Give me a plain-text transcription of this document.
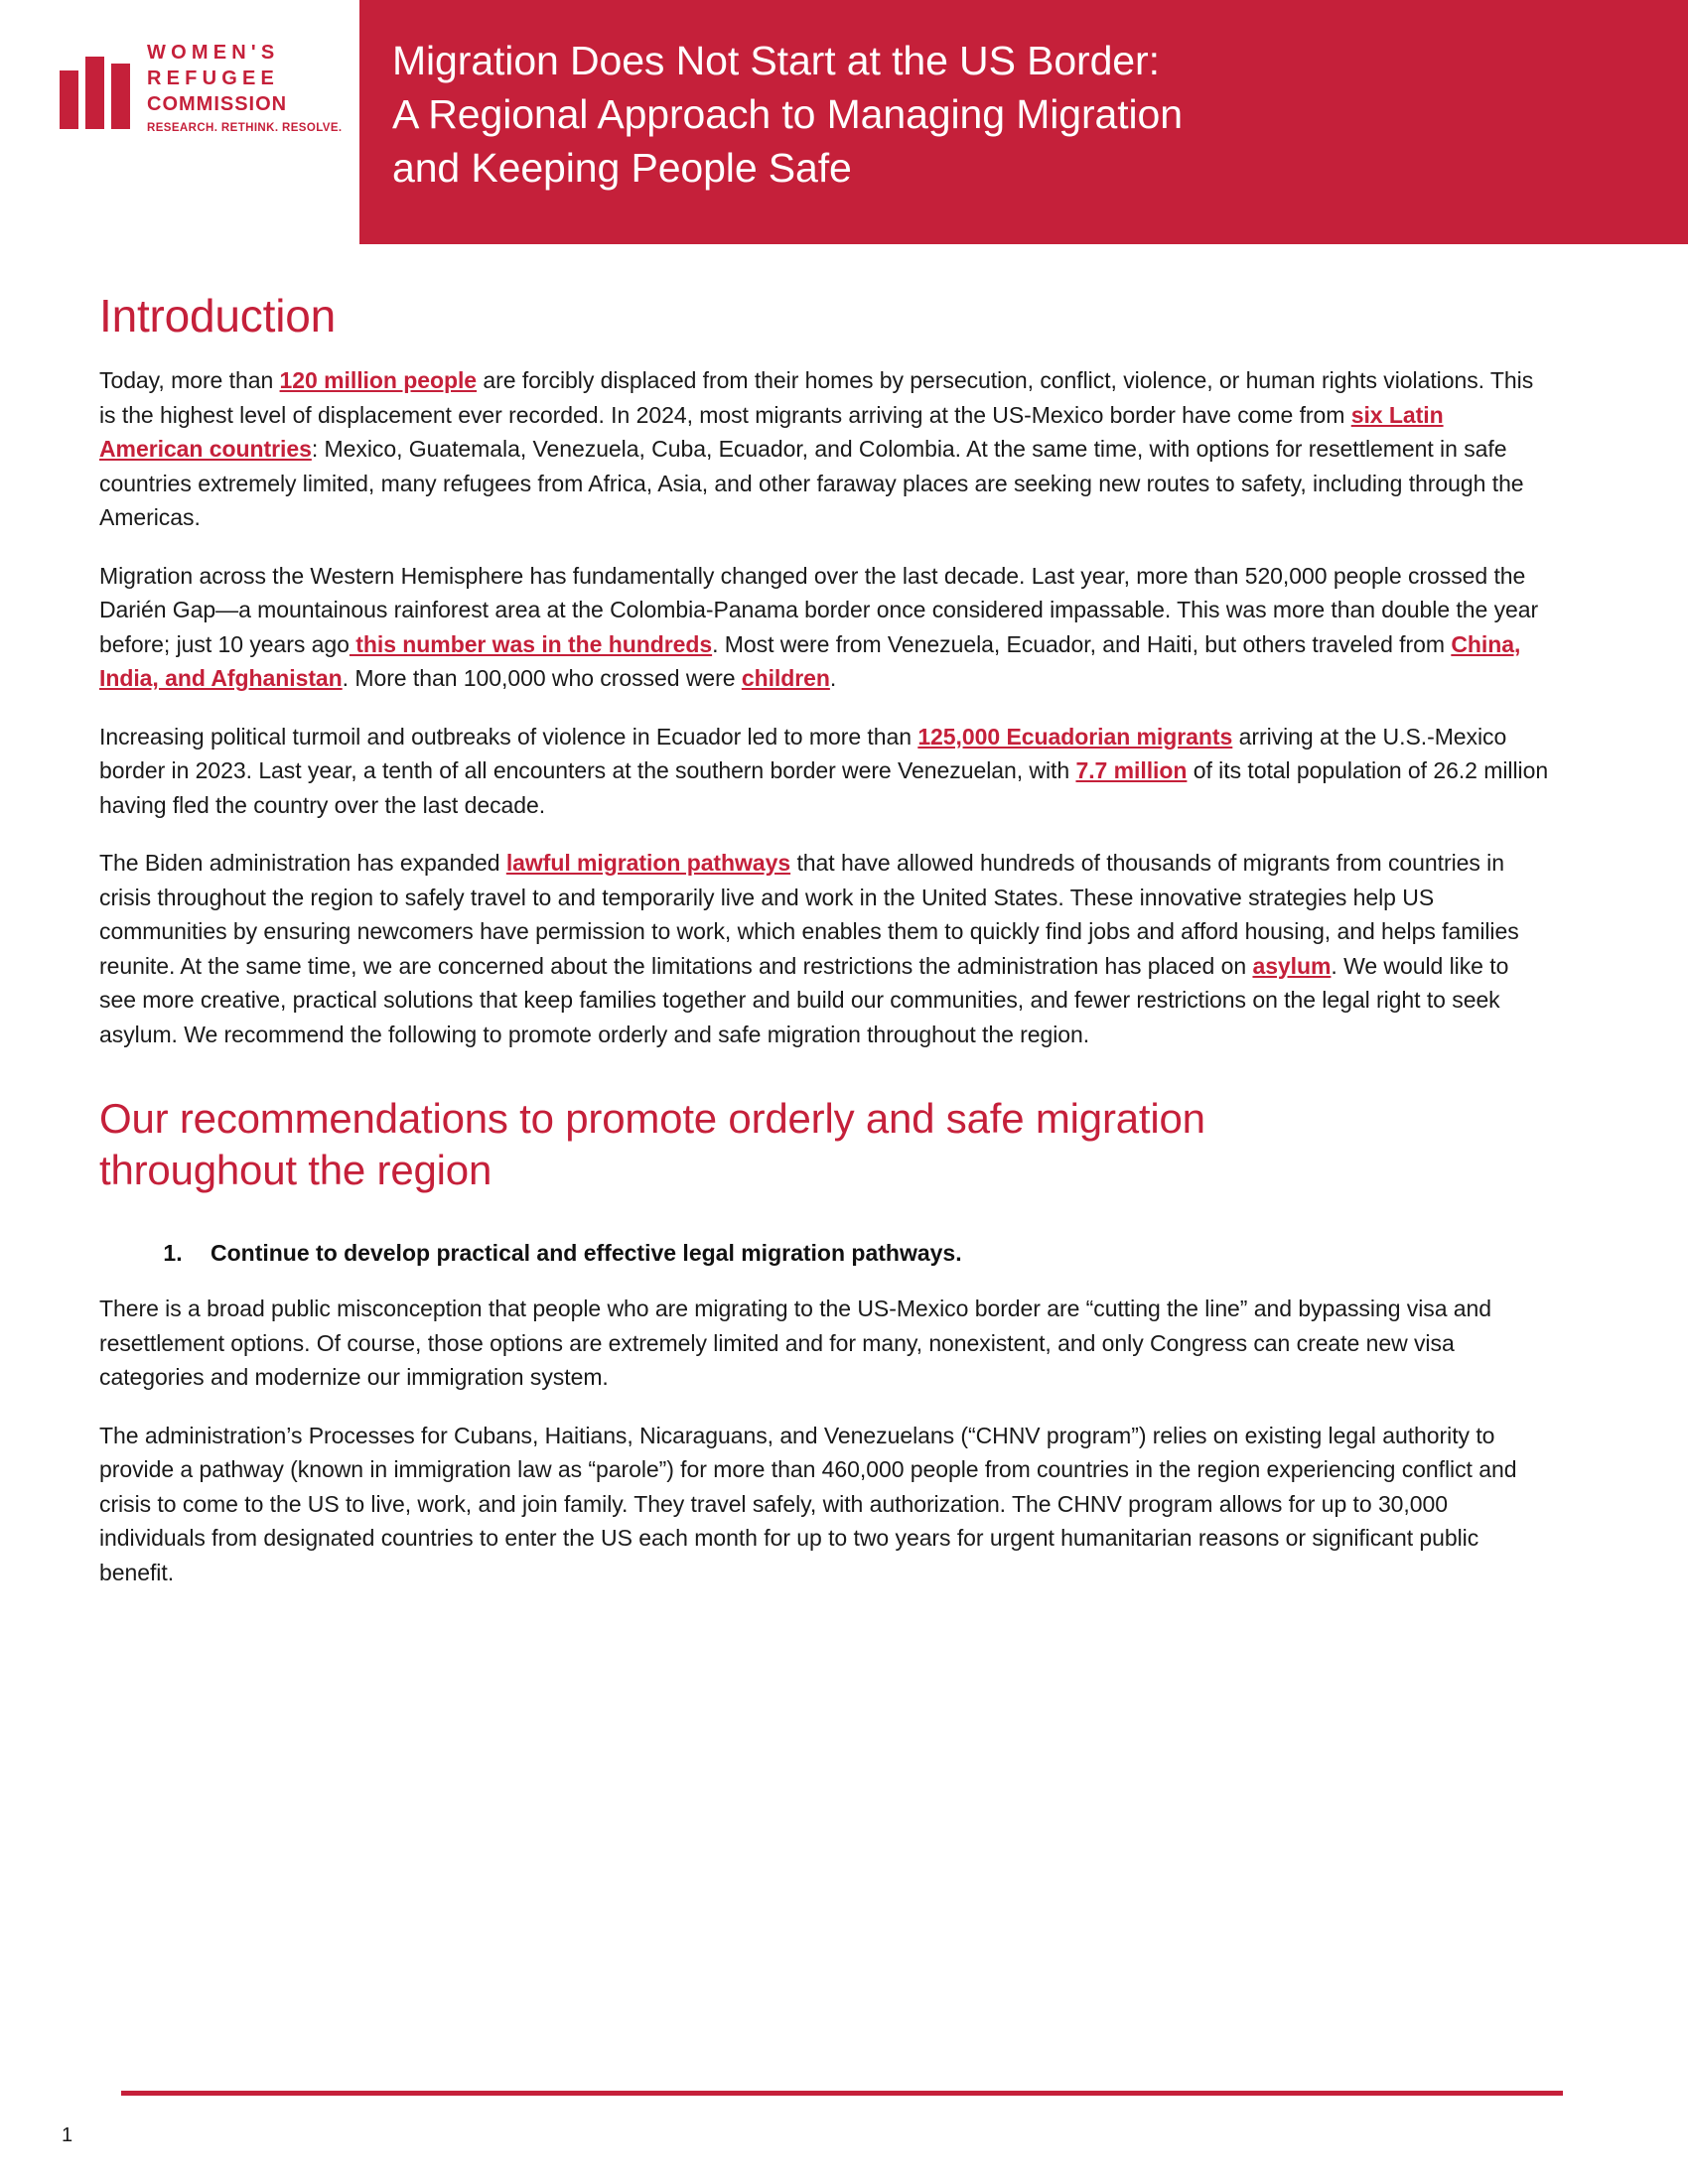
WOMEN'S
REFUGEE
COMMISSION
RESEARCH. RETHINK. RESOLVE.
Migration Does Not Start at the US Border:
A Regional Approach to Managing Migration
and Keeping People Safe
Introduction

Today, more than 120 million people are forcibly displaced from their homes by persecution, conflict, violence, or human rights violations. This is the highest level of displacement ever recorded. In 2024, most migrants arriving at the US-Mexico border have come from six Latin American countries: Mexico, Guatemala, Venezuela, Cuba, Ecuador, and Colombia. At the same time, with options for resettlement in safe countries extremely limited, many refugees from Africa, Asia, and other faraway places are seeking new routes to safety, including through the Americas.

Migration across the Western Hemisphere has fundamentally changed over the last decade. Last year, more than 520,000 people crossed the Darién Gap—a mountainous rainforest area at the Colombia-Panama border once considered impassable. This was more than double the year before; just 10 years ago this number was in the hundreds. Most were from Venezuela, Ecuador, and Haiti, but others traveled from China, India, and Afghanistan. More than 100,000 who crossed were children.

Increasing political turmoil and outbreaks of violence in Ecuador led to more than 125,000 Ecuadorian migrants arriving at the U.S.-Mexico border in 2023. Last year, a tenth of all encounters at the southern border were Venezuelan, with 7.7 million of its total population of 26.2 million having fled the country over the last decade.

The Biden administration has expanded lawful migration pathways that have allowed hundreds of thousands of migrants from countries in crisis throughout the region to safely travel to and temporarily live and work in the United States. These innovative strategies help US communities by ensuring newcomers have permission to work, which enables them to quickly find jobs and afford housing, and helps families reunite. At the same time, we are concerned about the limitations and restrictions the administration has placed on asylum. We would like to see more creative, practical solutions that keep families together and build our communities, and fewer restrictions on the legal right to seek asylum. We recommend the following to promote orderly and safe migration throughout the region.

Our recommendations to promote orderly and safe migration throughout the region
1. Continue to develop practical and effective legal migration pathways.

There is a broad public misconception that people who are migrating to the US-Mexico border are “cutting the line” and bypassing visa and resettlement options. Of course, those options are extremely limited and for many, nonexistent, and only Congress can create new visa categories and modernize our immigration system.

The administration’s Processes for Cubans, Haitians, Nicaraguans, and Venezuelans (“CHNV program”) relies on existing legal authority to provide a pathway (known in immigration law as “parole”) for more than 460,000 people from countries in the region experiencing conflict and crisis to come to the US to live, work, and join family. They travel safely, with authorization. The CHNV program allows for up to 30,000 individuals from designated countries to enter the US each month for up to two years for urgent humanitarian reasons or significant public benefit.

1
